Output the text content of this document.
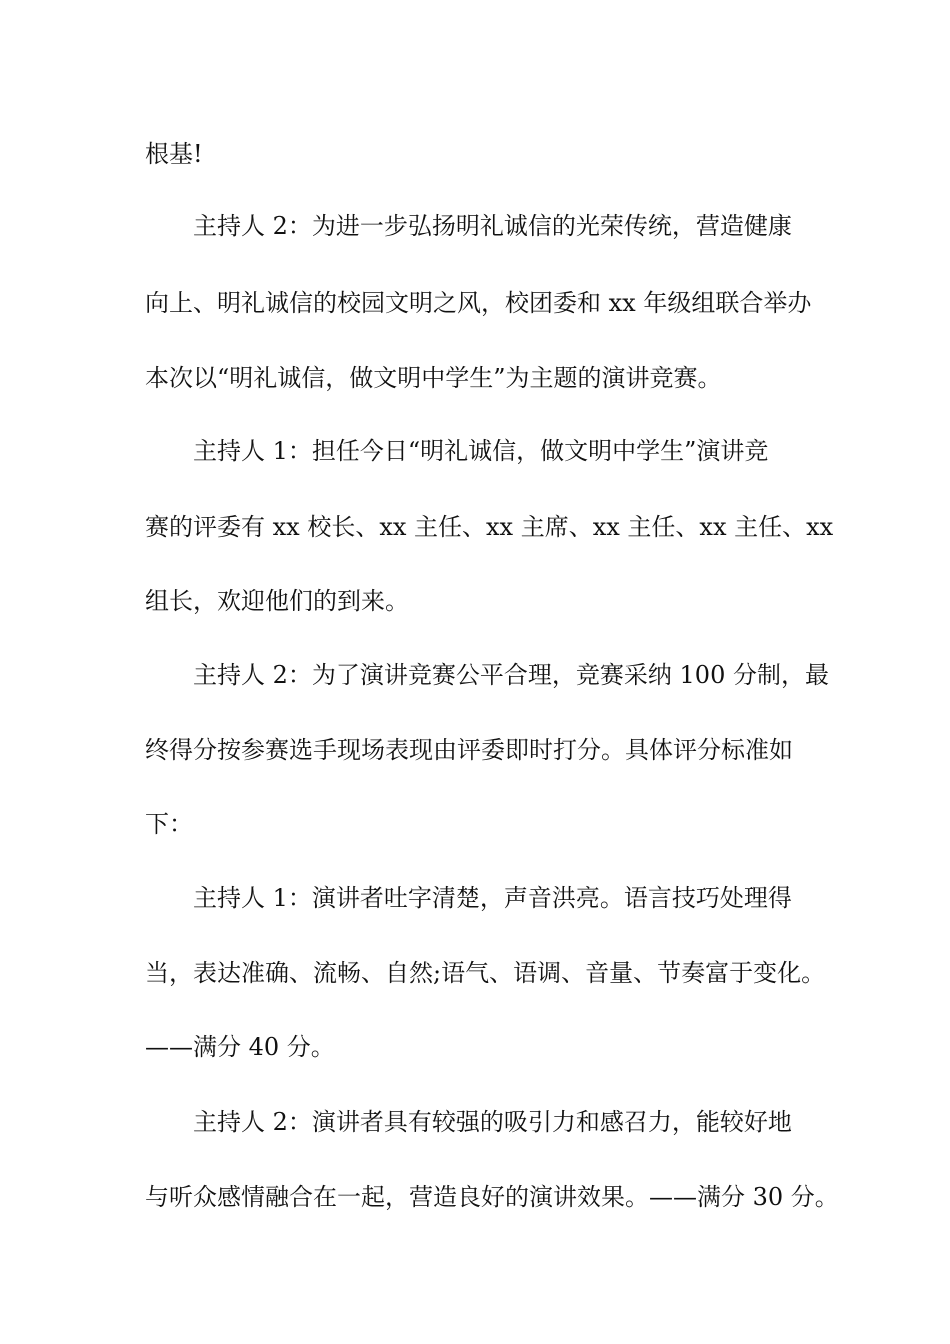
根基!
主持人 2：为进一步弘扬明礼诚信的光荣传统，营造健康
向上、明礼诚信的校园文明之风，校团委和 xx 年级组联合举办
本次以“明礼诚信，做文明中学生”为主题的演讲竞赛。
主持人 1：担任今日“明礼诚信，做文明中学生”演讲竞
赛的评委有 xx 校长、xx 主任、xx 主席、xx 主任、xx 主任、xx
组长，欢迎他们的到来。
主持人 2：为了演讲竞赛公平合理，竞赛采纳 100 分制，最
终得分按参赛选手现场表现由评委即时打分。具体评分标准如
下：
主持人 1：演讲者吐字清楚，声音洪亮。语言技巧处理得
当，表达准确、流畅、自然;语气、语调、音量、节奏富于变化。
——满分 40 分。
主持人 2：演讲者具有较强的吸引力和感召力，能较好地
与听众感情融合在一起，营造良好的演讲效果。——满分 30 分。
